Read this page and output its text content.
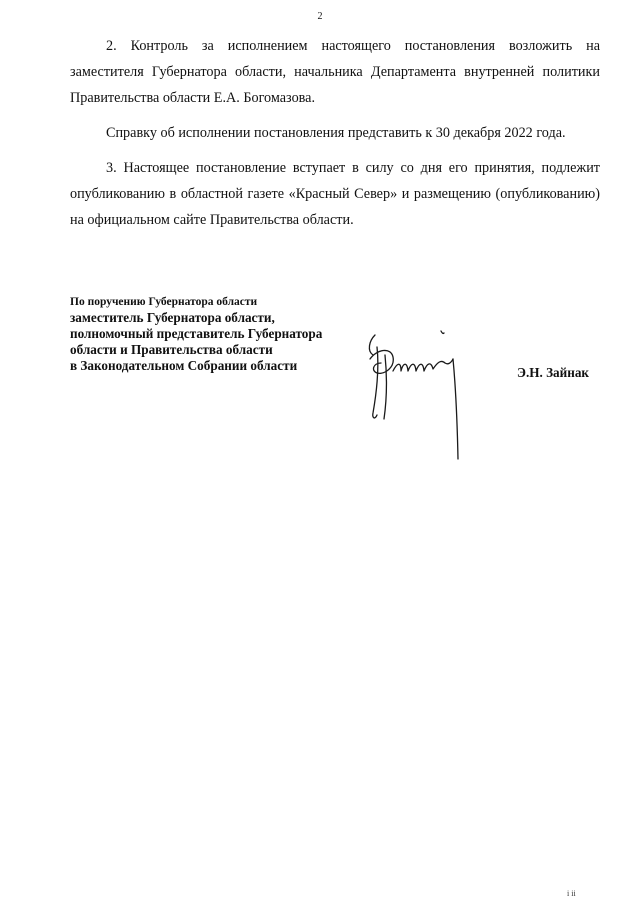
2

2. Контроль за исполнением настоящего постановления возложить на заместителя Губернатора области, начальника Департамента внутренней политики Правительства области Е.А. Богомазова.

Справку об исполнении постановления представить к 30 декабря 2022 года.

3. Настоящее постановление вступает в силу со дня его принятия, подлежит опубликованию в областной газете «Красный Север» и размещению (опубликованию) на официальном сайте Правительства области.

По поручению Губернатора области
заместитель Губернатора области,
полномочный представитель Губернатора
области и Правительства области
в Законодательном Собрании области	Э.Н. Зайнак
і іі
